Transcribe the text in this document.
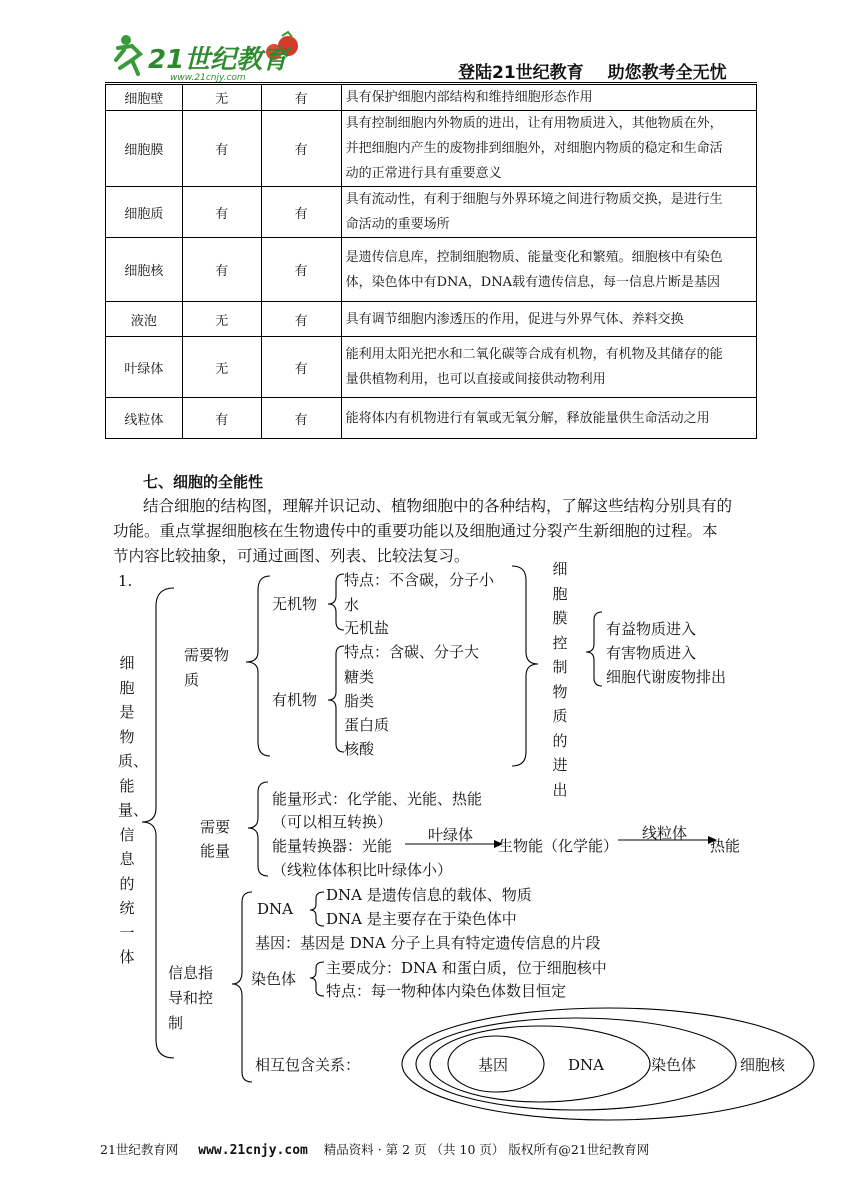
21世纪教育
www.21cnjy.com	登陆21世纪教育 助您教考全无忧
细胞壁	无	有	具有保护细胞内部结构和维持细胞形态作用

细胞膜	有	有	具有控制细胞内外物质的进出，让有用物质进入，其他物质在外，
并把细胞内产生的废物排到细胞外，对细胞内物质的稳定和生命活
动的正常进行具有重要意义

细胞质	有	有	具有流动性，有利于细胞与外界环境之间进行物质交换，是进行生
命活动的重要场所

细胞核	有	有	是遗传信息库，控制细胞物质、能量变化和繁殖。细胞核中有染色
体，染色体中有DNA，DNA载有遗传信息，每一信息片断是基因

液泡	无	有	具有调节细胞内渗透压的作用，促进与外界气体、养料交换

叶绿体	无	有	能利用太阳光把水和二氧化碳等合成有机物，有机物及其储存的能
量供植物利用，也可以直接或间接供动物利用

线粒体	有	有	能将体内有机物进行有氧或无氧分解，释放能量供生命活动之用
七、细胞的全能性
结合细胞的结构图，理解并识记动、植物细胞中的各种结构，了解这些结构分别具有的
功能。重点掌握细胞核在生物遗传中的重要功能以及细胞通过分裂产生新细胞的过程。本
节内容比较抽象，可通过画图、列表、比较法复习。
1.
细胞是物质、能量、信息的统一体
需要物
质
无机物
特点：不含碳，分子小
水
无机盐
有机物
特点：含碳、分子大
糖类
脂类
蛋白质
核酸
细胞膜控制物质的进出
有益物质进入
有害物质进入
细胞代谢废物排出
需要
能量
能量形式：化学能、光能、热能
（可以相互转换）
能量转换器：光能
叶绿体
生物能（化学能）
线粒体
热能
（线粒体体积比叶绿体小）
信息指
导和控
制
DNA
DNA 是遗传信息的载体、物质
DNA 是主要存在于染色体中
基因：基因是 DNA 分子上具有特定遗传信息的片段
染色体
主要成分：DNA 和蛋白质，位于细胞核中
特点：每一物种体内染色体数目恒定
相互包含关系：	基因	DNA	染色体	细胞核
21世纪教育网 www.21cnjy.com 精品资料 · 第 2 页 （共 10 页） 版权所有@21世纪教育网
